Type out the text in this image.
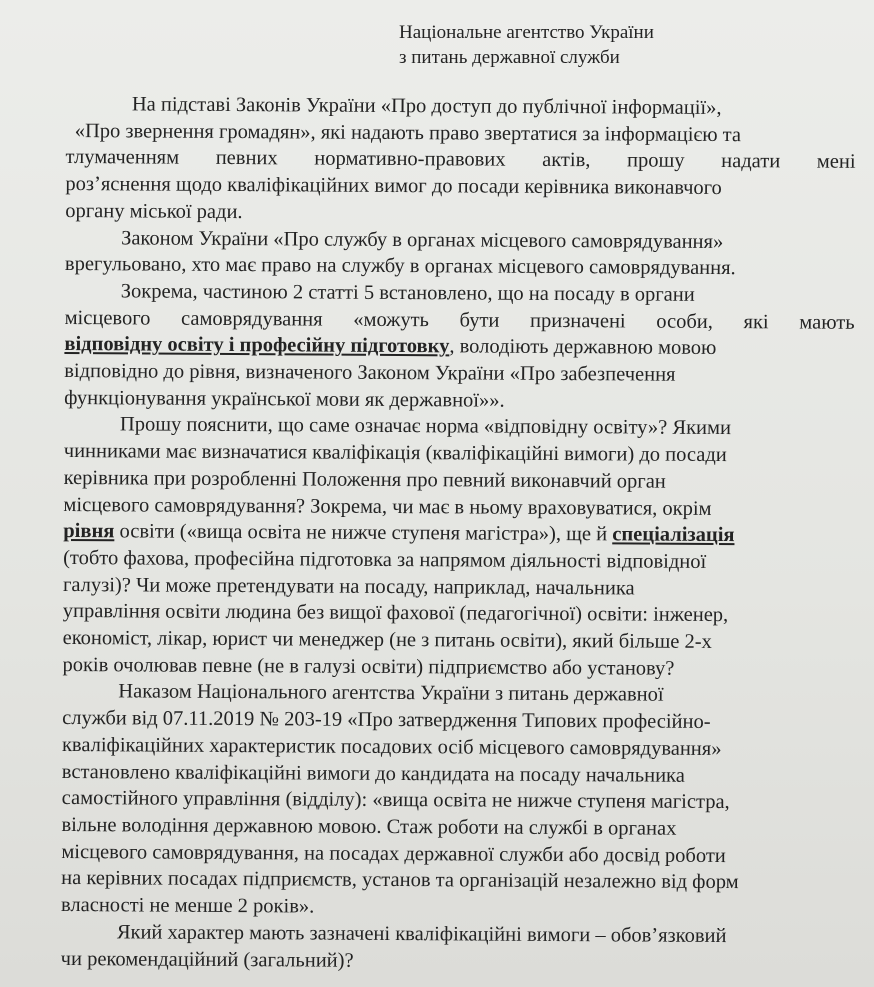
Національне агентство України
з питань державної служби
На підставі Законів України «Про доступ до публічної інформації»,
«Про звернення громадян», які надають право звертатися за інформацією та
тлумаченням певних нормативно-правових актів, прошу надати мені
роз’яснення щодо кваліфікаційних вимог до посади керівника виконавчого
органу міської ради.
Законом України «Про службу в органах місцевого самоврядування»
врегульовано, хто має право на службу в органах місцевого самоврядування.
Зокрема, частиною 2 статті 5 встановлено, що на посаду в органи
місцевого самоврядування «можуть бути призначені особи, які мають
відповідну освіту і професійну підготовку, володіють державною мовою
відповідно до рівня, визначеного Законом України «Про забезпечення
функціонування української мови як державної»».
Прошу пояснити, що саме означає норма «відповідну освіту»? Якими
чинниками має визначатися кваліфікація (кваліфікаційні вимоги) до посади
керівника при розробленні Положення про певний виконавчий орган
місцевого самоврядування? Зокрема, чи має в ньому враховуватися, окрім
рівня освіти («вища освіта не нижче ступеня магістра»), ще й спеціалізація
(тобто фахова, професійна підготовка за напрямом діяльності відповідної
галузі)? Чи може претендувати на посаду, наприклад, начальника
управління освіти людина без вищої фахової (педагогічної) освіти: інженер,
економіст, лікар, юрист чи менеджер (не з питань освіти), який більше 2-х
років очолював певне (не в галузі освіти) підприємство або установу?
Наказом Національного агентства України з питань державної
служби від 07.11.2019 № 203-19 «Про затвердження Типових професійно-
кваліфікаційних характеристик посадових осіб місцевого самоврядування»
встановлено кваліфікаційні вимоги до кандидата на посаду начальника
самостійного управління (відділу): «вища освіта не нижче ступеня магістра,
вільне володіння державною мовою. Стаж роботи на службі в органах
місцевого самоврядування, на посадах державної служби або досвід роботи
на керівних посадах підприємств, установ та організацій незалежно від форм
власності не менше 2 років».
Який характер мають зазначені кваліфікаційні вимоги – обов’язковий
чи рекомендаційний (загальний)?
